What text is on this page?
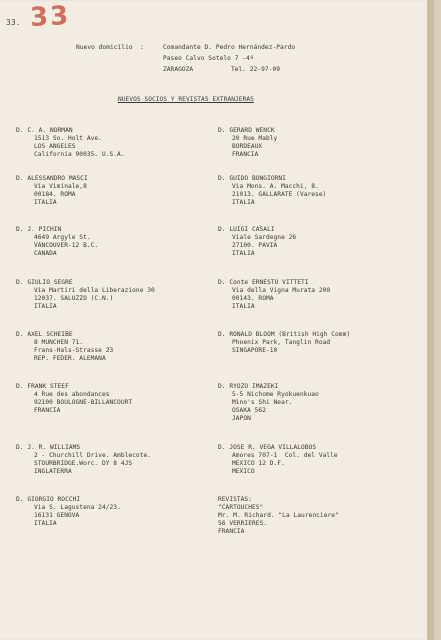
33. 33
Nuevo domicilio  :	Comandante D. Pedro Hernández-Pardo
Paseo Calvo Sotelo 7 -4º
ZARAGOZA          Tel. 22-97-09
NUEVOS SOCIOS Y REVISTAS EXTRANJERAS
D. C. A. NORMAN
1513 So. Holt Ave.
LOS ANGELES
California 90035. U.S.A.
D. GERARD WENCK
20 Rue Mably
BORDEAUX
FRANCIA
D. ALESSANDRO MASCI
Via Viminale,8
00184. ROMA
ITALIA
D. GUIDO BONGIORNI
Via Mons. A. Macchi, 8.
21013. GALLARATE (Varese)
ITALIA
D. J. PICHIN
4649 Argyle St.
VANCOUVER-12 B.C.
CANADA
D. LUIGI CASALI
Viale Sardegne 26
27100. PAVIA
ITALIA
D. GIULIO SEGRE
Via Martiri della Liberazione 30
12037. SALUZZO (C.N.)
ITALIA
D. Conte ERNESTO VITTETI
Via della Vigna Murata 200
00143. ROMA
ITALIA
D. AXEL SCHEIBE
8 MUNCHEN 71.
Frans-Hals-Strasse 23
REP. FEDER. ALEMANA
D. RONALD BLOOM (British High Comm)
Phoenix Park, Tanglin Road
SINGAPORE-10
D. FRANK STEEF
4 Rue des abondances
92100 BOULOGNE-BILLANCOURT
FRANCIA
D. RYOZO IMAZEKI
5-5 Nichome Ryokuenkuao
Mino's Shi Near.
OSAKA 562
JAPON
D. J. R. WILLIAMS
2 - Churchill Drive. Amblecote.
STOURBRIDGE.Worc. DY 8 4JS
INGLATERRA
D. JOSE R. VEGA VILLALOBOS
Amores 707-1  Col. del Valle
MEXICO 12 D.F.
MEXICO
D. GIORGIO ROCCHI
Via S. Lagustena 24/23.
16131 GENOVA
ITALIA
REVISTAS:
"CARTOUCHES"
Mr. M. Richard. "La Laurenciere"
56 VERRIERES.
FRANCIA
